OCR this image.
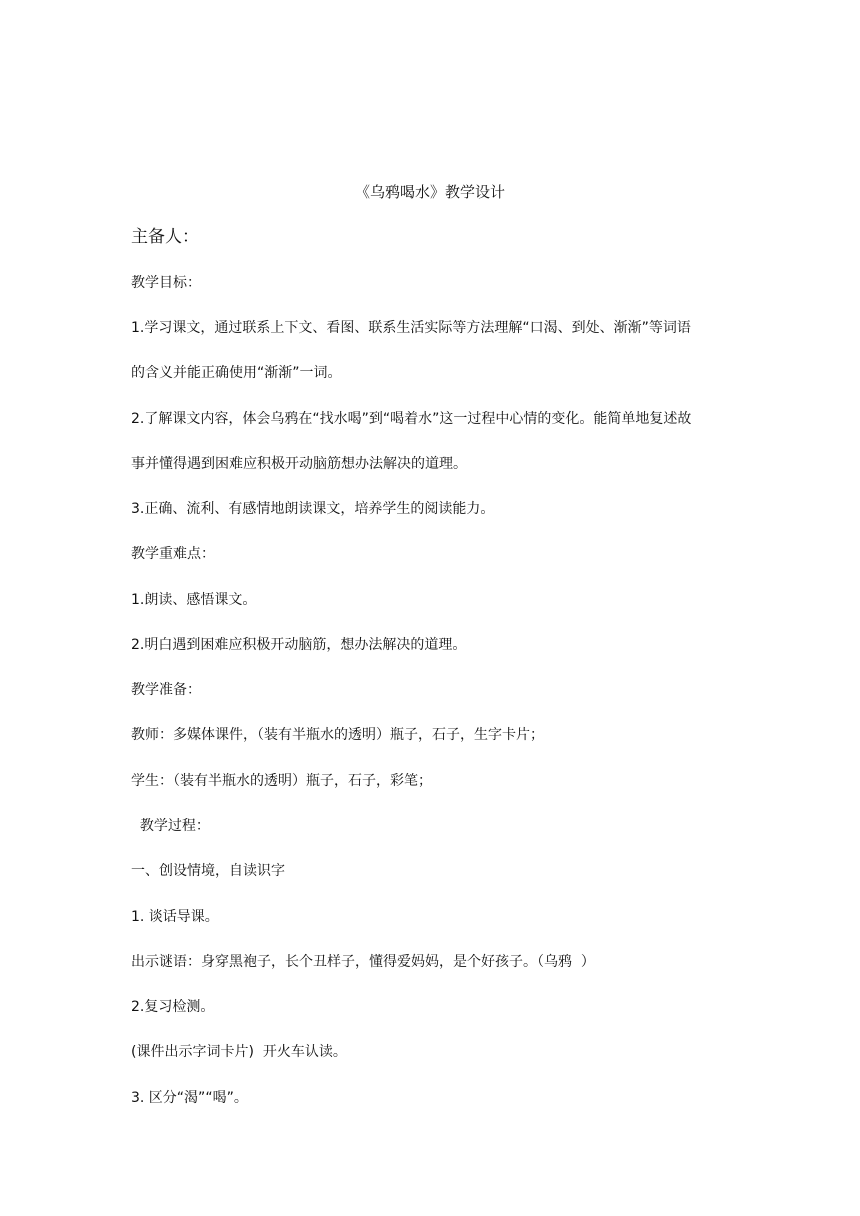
《乌鸦喝水》教学设计
主备人：
教学目标：
1.学习课文，通过联系上下文、看图、联系生活实际等方法理解“口渴、到处、渐渐”等词语
的含义并能正确使用“渐渐”一词。
2.了解课文内容，体会乌鸦在“找水喝”到“喝着水”这一过程中心情的变化。能简单地复述故
事并懂得遇到困难应积极开动脑筋想办法解决的道理。
3.正确、流利、有感情地朗读课文，培养学生的阅读能力。
教学重难点：
1.朗读、感悟课文。
2.明白遇到困难应积极开动脑筋，想办法解决的道理。
教学准备：
教师：多媒体课件，（装有半瓶水的透明）瓶子，石子，生字卡片；
学生：（装有半瓶水的透明）瓶子，石子，彩笔；
教学过程：
一、创设情境，自读识字
1. 谈话导课。
出示谜语：身穿黑袍子，长个丑样子，懂得爱妈妈，是个好孩子。（乌鸦  ）
2.复习检测。
(课件出示字词卡片)  开火车认读。
3. 区分“渴”“喝”。
